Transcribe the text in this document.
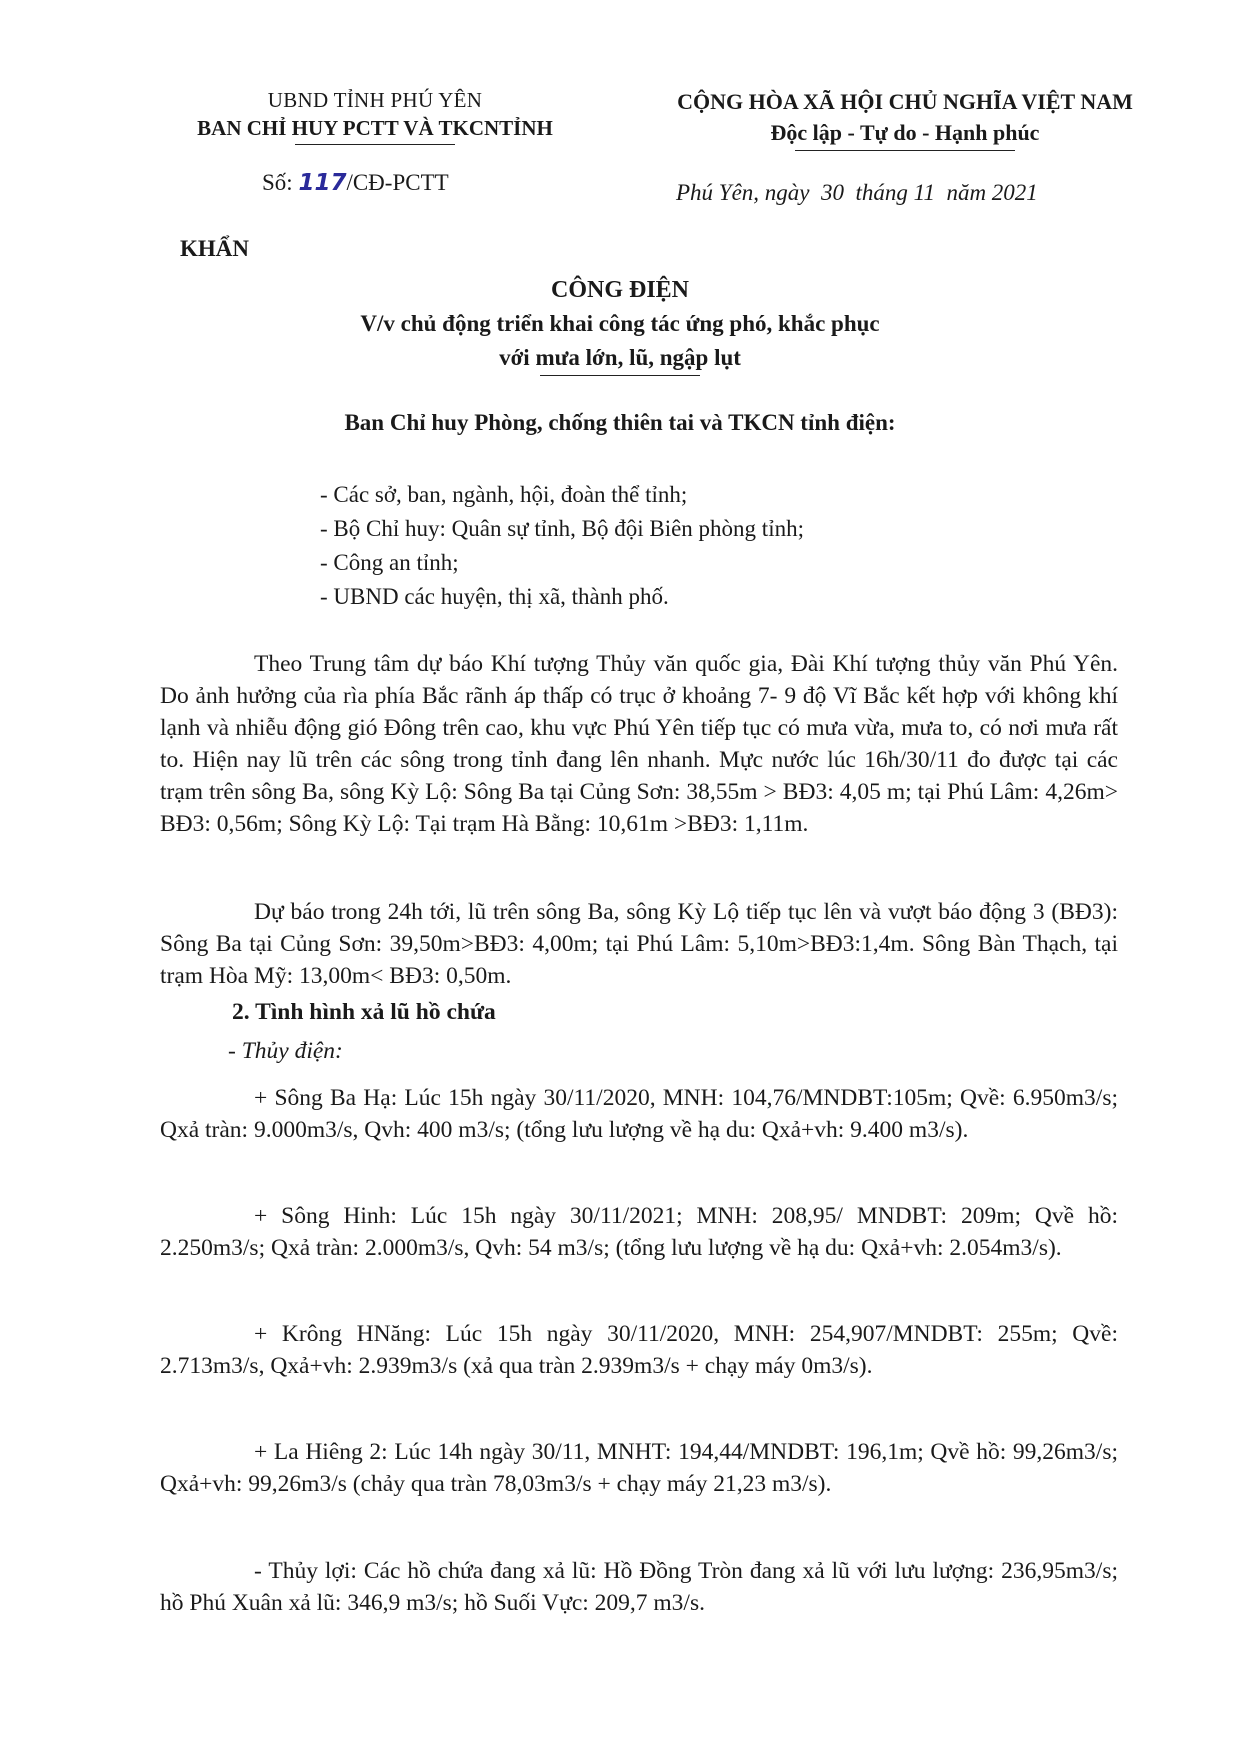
UBND TỈNH PHÚ YÊN
BAN CHỈ HUY PCTT VÀ TKCNTỈNH
CỘNG HÒA XÃ HỘI CHỦ NGHĨA VIỆT NAM
Độc lập - Tự do - Hạnh phúc
Số: 117/CĐ-PCTT	Phú Yên, ngày  30  tháng 11  năm 2021
KHẨN
CÔNG ĐIỆN
V/v chủ động triển khai công tác ứng phó, khắc phục
với mưa lớn, lũ, ngập lụt
Ban Chỉ huy Phòng, chống thiên tai và TKCN tỉnh điện:
- Các sở, ban, ngành, hội, đoàn thể tỉnh;
- Bộ Chỉ huy: Quân sự tỉnh, Bộ đội Biên phòng tỉnh;
- Công an tỉnh;
- UBND các huyện, thị xã, thành phố.
Theo Trung tâm dự báo Khí tượng Thủy văn quốc gia, Đài Khí tượng thủy văn Phú Yên. Do ảnh hưởng của rìa phía Bắc rãnh áp thấp có trục ở khoảng 7- 9 độ Vĩ Bắc kết hợp với không khí lạnh và nhiễu động gió Đông trên cao, khu vực Phú Yên tiếp tục có mưa vừa, mưa to, có nơi mưa rất to. Hiện nay lũ trên các sông trong tỉnh đang lên nhanh. Mực nước lúc 16h/30/11 đo được tại các trạm trên sông Ba, sông Kỳ Lộ: Sông Ba tại Củng Sơn: 38,55m > BĐ3: 4,05 m; tại Phú Lâm: 4,26m> BĐ3: 0,56m; Sông Kỳ Lộ: Tại trạm Hà Bằng: 10,61m >BĐ3: 1,11m.
Dự báo trong 24h tới, lũ trên sông Ba, sông Kỳ Lộ tiếp tục lên và vượt báo động 3 (BĐ3): Sông Ba tại Củng Sơn: 39,50m>BĐ3: 4,00m; tại Phú Lâm: 5,10m>BĐ3:1,4m. Sông Bàn Thạch, tại trạm Hòa Mỹ: 13,00m< BĐ3: 0,50m.
2. Tình hình xả lũ hồ chứa
- Thủy điện:
+ Sông Ba Hạ: Lúc 15h ngày 30/11/2020, MNH: 104,76/MNDBT:105m; Qvề: 6.950m3/s; Qxả tràn: 9.000m3/s, Qvh: 400 m3/s; (tổng lưu lượng về hạ du: Qxả+vh: 9.400 m3/s).
+ Sông Hinh: Lúc 15h ngày 30/11/2021; MNH: 208,95/ MNDBT: 209m; Qvề hồ: 2.250m3/s; Qxả tràn: 2.000m3/s, Qvh: 54 m3/s; (tổng lưu lượng về hạ du: Qxả+vh: 2.054m3/s).
+ Krông HNăng: Lúc 15h ngày 30/11/2020, MNH: 254,907/MNDBT: 255m; Qvề: 2.713m3/s, Qxả+vh: 2.939m3/s (xả qua tràn 2.939m3/s + chạy máy 0m3/s).
+ La Hiêng 2: Lúc 14h ngày 30/11, MNHT: 194,44/MNDBT: 196,1m; Qvề hồ: 99,26m3/s; Qxả+vh: 99,26m3/s (chảy qua tràn 78,03m3/s + chạy máy 21,23 m3/s).
- Thủy lợi: Các hồ chứa đang xả lũ: Hồ Đồng Tròn đang xả lũ với lưu lượng: 236,95m3/s; hồ Phú Xuân xả lũ: 346,9 m3/s; hồ Suối Vực: 209,7 m3/s.
